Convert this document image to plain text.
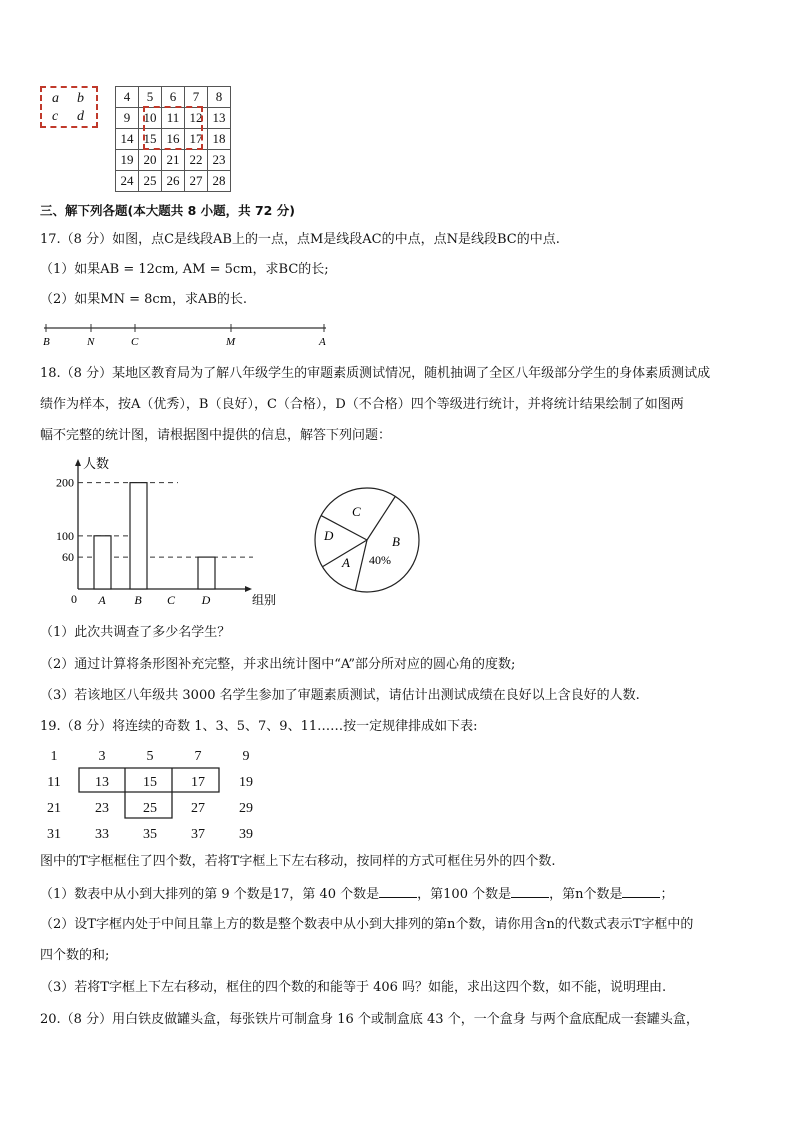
a b
c d
4	5	6	7	8
9	10	11	12	13
14	15	16	17	18
19	20	21	22	23
24	25	26	27	28
三、解下列各题(本大题共 8 小题，共 72 分)
17.（8 分）如图，点C是线段AB上的一点，点M是线段AC的中点，点N是线段BC的中点.
（1）如果AB = 12cm, AM = 5cm，求BC的长;
（2）如果MN = 8cm，求AB的长.
B	N	C	M	A
18.（8 分）某地区教育局为了解八年级学生的审题素质测试情况，随机抽调了全区八年级部分学生的身体素质测试成
绩作为样本，按A（优秀），B（良好），C（合格），D（不合格）四个等级进行统计，并将统计结果绘制了如图两
幅不完整的统计图，请根据图中提供的信息，解答下列问题：
人数
组别
0
200
100
60
A B C D
C
B
A
D
40%
（1）此次共调查了多少名学生？
（2）通过计算将条形图补充完整，并求出统计图中“A”部分所对应的圆心角的度数;
（3）若该地区八年级共 3000 名学生参加了审题素质测试，请估计出测试成绩在良好以上含良好的人数.
19.（8 分）将连续的奇数 1、3、5、7、9、11……按一定规律排成如下表:
1	3	5	7	9
11	13	15	17	19
21	23	25	27	29
31	33	35	37	39
图中的T字框框住了四个数，若将T字框上下左右移动，按同样的方式可框住另外的四个数.
（1）数表中从小到大排列的第 9 个数是17，第 40 个数是	，第100 个数是	，第n个数是	；
（2）设T字框内处于中间且靠上方的数是整个数表中从小到大排列的第n个数，请你用含n的代数式表示T字框中的
四个数的和;
（3）若将T字框上下左右移动，框住的四个数的和能等于 406 吗？如能，求出这四个数，如不能，说明理由.
20.（8 分）用白铁皮做罐头盒，每张铁片可制盒身 16 个或制盒底 43 个，一个盒身 与两个盒底配成一套罐头盒，
